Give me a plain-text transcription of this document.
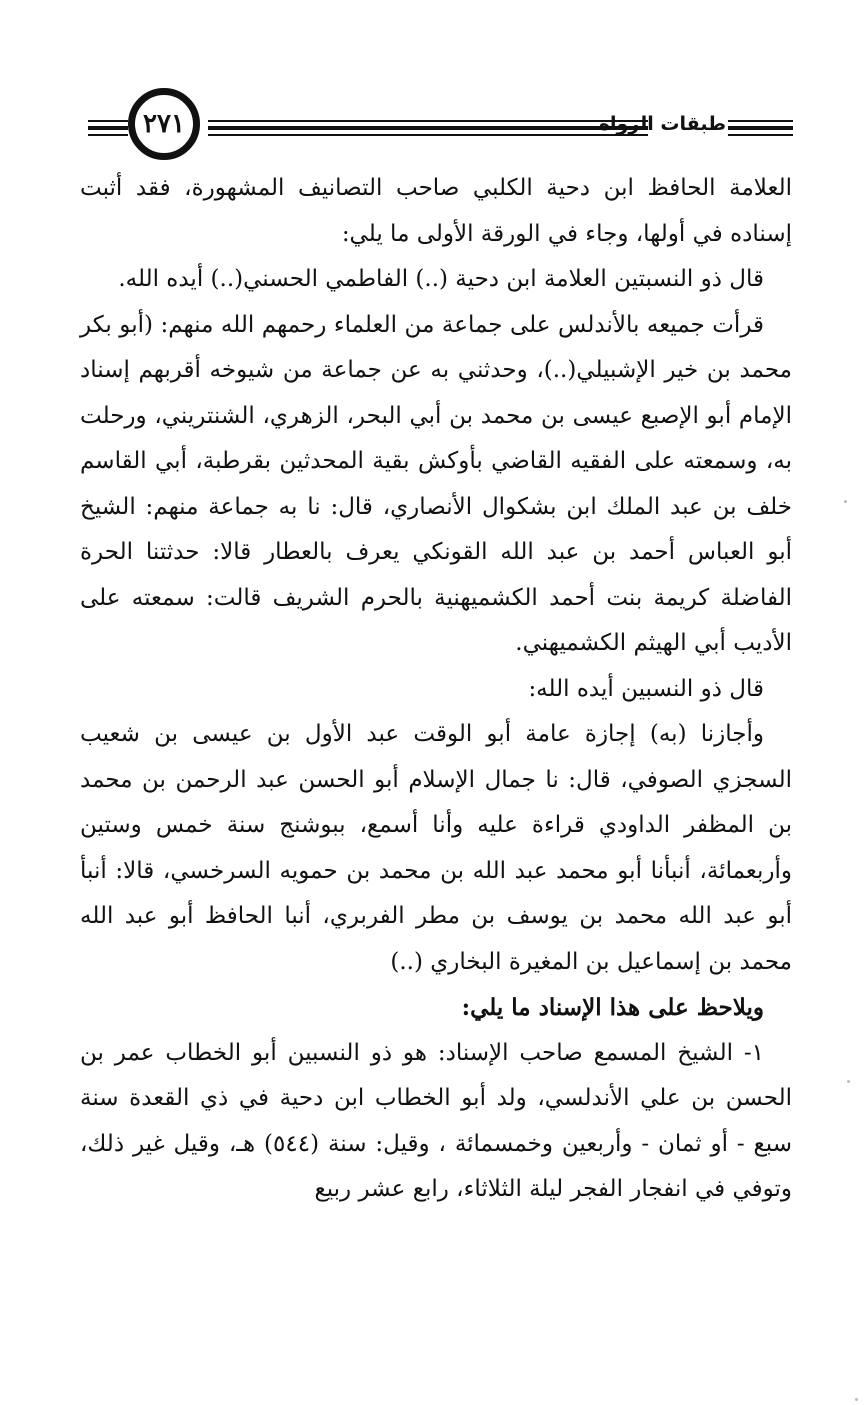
٢٧١	طبقات الرواة

العلامة الحافظ ابن دحية الكلبي صاحب التصانيف المشهورة، فقد أثبت إسناده في أولها، وجاء في الورقة الأولى ما يلي:

قال ذو النسبتين العلامة ابن دحية (..) الفاطمي الحسني(..) أيده الله.

قرأت جميعه بالأندلس على جماعة من العلماء رحمهم الله منهم: (أبو بكر محمد بن خير الإشبيلي(..)، وحدثني به عن جماعة من شيوخه أقربهم إسناد الإمام أبو الإصبع عيسى بن محمد بن أبي البحر، الزهري، الشنتريني، ورحلت به، وسمعته على الفقيه القاضي بأوكش بقية المحدثين بقرطبة، أبي القاسم خلف بن عبد الملك ابن بشكوال الأنصاري، قال: نا به جماعة منهم: الشيخ أبو العباس أحمد بن عبد الله القونكي يعرف بالعطار قالا: حدثتنا الحرة الفاضلة كريمة بنت أحمد الكشميهنية بالحرم الشريف قالت: سمعته على الأديب أبي الهيثم الكشميهني.

قال ذو النسبين أيده الله:

وأجازنا (به) إجازة عامة أبو الوقت عبد الأول بن عيسى بن شعيب السجزي الصوفي، قال: نا جمال الإسلام أبو الحسن عبد الرحمن بن محمد بن المظفر الداودي قراءة عليه وأنا أسمع، ببوشنج سنة خمس وستين وأربعمائة، أنبأنا أبو محمد عبد الله بن محمد بن حمويه السرخسي، قالا: أنبأ أبو عبد الله محمد بن يوسف بن مطر الفربري، أنبا الحافظ أبو عبد الله محمد بن إسماعيل بن المغيرة البخاري (..)

ويلاحظ على هذا الإسناد ما يلي:

١- الشيخ المسمع صاحب الإسناد: هو ذو النسبين أبو الخطاب عمر بن الحسن بن علي الأندلسي، ولد أبو الخطاب ابن دحية في ذي القعدة سنة سبع - أو ثمان - وأربعين وخمسمائة ، وقيل: سنة (٥٤٤) هـ، وقيل غير ذلك، وتوفي في انفجار الفجر ليلة الثلاثاء، رابع عشر ربيع
